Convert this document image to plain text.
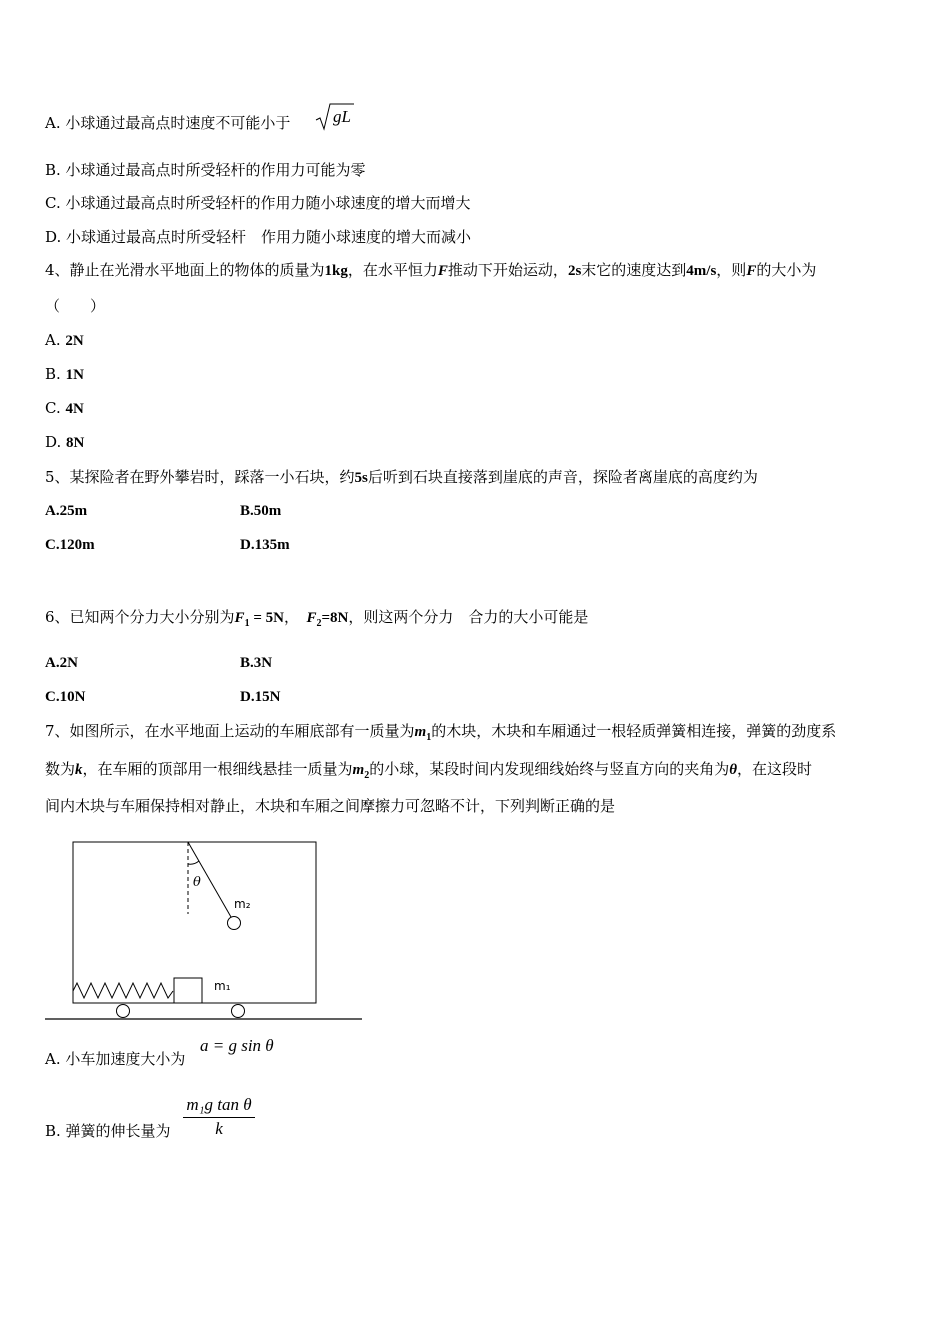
A. 小球通过最高点时速度不可能小于	gL
B. 小球通过最高点时所受轻杆的作用力可能为零
C. 小球通过最高点时所受轻杆的作用力随小球速度的增大而增大
D. 小球通过最高点时所受轻杆　作用力随小球速度的增大而减小
4、静止在光滑水平地面上的物体的质量为1kg，在水平恒力F推动下开始运动，2s末它的速度达到4m/s，则F的大小为
（　　）
A. 2N
B. 1N
C. 4N
D. 8N
5、某探险者在野外攀岩时，踩落一小石块，约5s后听到石块直接落到崖底的声音，探险者离崖底的高度约为
A.25m	B.50m
C.120m	D.135m
6、已知两个分力大小分别为$F_1 = 5N$，　$F_2=8N$，则这两个分力　合力的大小可能是
A.2N	B.3N
C.10N	D.15N
7、如图所示，在水平地面上运动的车厢底部有一质量为$m_1$的木块，木块和车厢通过一根轻质弹簧相连接，弹簧的劲度系
数为k，在车厢的顶部用一根细线悬挂一质量为$m_2$的小球，某段时间内发现细线始终与竖直方向的夹角为θ，在这段时
间内木块与车厢保持相对静止，木块和车厢之间摩擦力可忽略不计，下列判断正确的是
θ
m₂
m₁
A. 小车加速度大小为
a = g sin θ
B. 弹簧的伸长量为 $\frac{\text{m₁g tan θ}}{k}$
